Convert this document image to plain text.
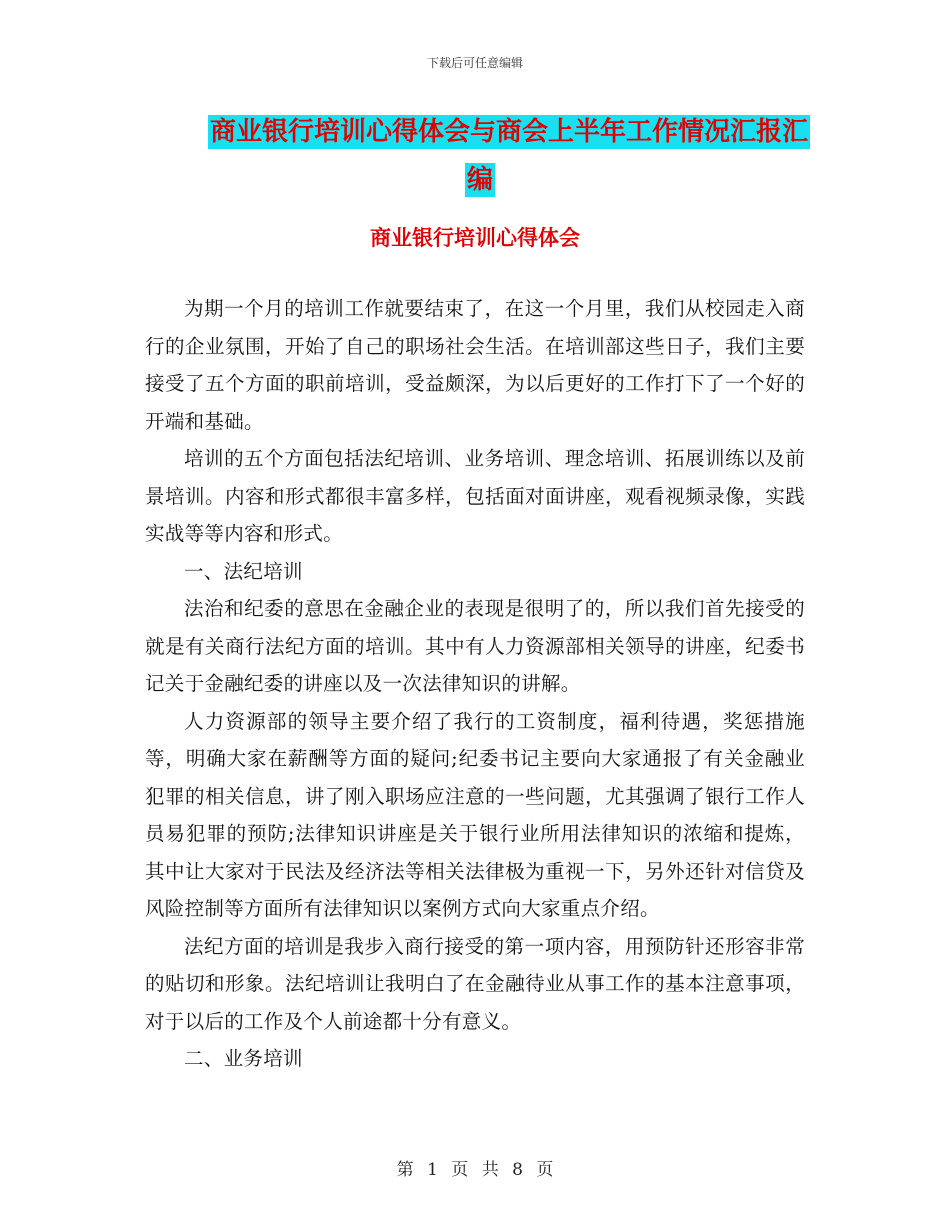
下载后可任意编辑
商业银行培训心得体会与商会上半年工作情况汇报汇
编
商业银行培训心得体会

为期一个月的培训工作就要结束了，在这一个月里，我们从校园走入商行的企业氛围，开始了自己的职场社会生活。在培训部这些日子，我们主要接受了五个方面的职前培训，受益颇深，为以后更好的工作打下了一个好的开端和基础。

培训的五个方面包括法纪培训、业务培训、理念培训、拓展训练以及前景培训。内容和形式都很丰富多样，包括面对面讲座，观看视频录像，实践实战等等内容和形式。

一、法纪培训

法治和纪委的意思在金融企业的表现是很明了的，所以我们首先接受的就是有关商行法纪方面的培训。其中有人力资源部相关领导的讲座，纪委书记关于金融纪委的讲座以及一次法律知识的讲解。

人力资源部的领导主要介绍了我行的工资制度，福利待遇，奖惩措施等，明确大家在薪酬等方面的疑问;纪委书记主要向大家通报了有关金融业犯罪的相关信息，讲了刚入职场应注意的一些问题，尤其强调了银行工作人员易犯罪的预防;法律知识讲座是关于银行业所用法律知识的浓缩和提炼，其中让大家对于民法及经济法等相关法律极为重视一下，另外还针对信贷及风险控制等方面所有法律知识以案例方式向大家重点介绍。

法纪方面的培训是我步入商行接受的第一项内容，用预防针还形容非常的贴切和形象。法纪培训让我明白了在金融待业从事工作的基本注意事项，对于以后的工作及个人前途都十分有意义。

二、业务培训

第 1 页 共 8 页
